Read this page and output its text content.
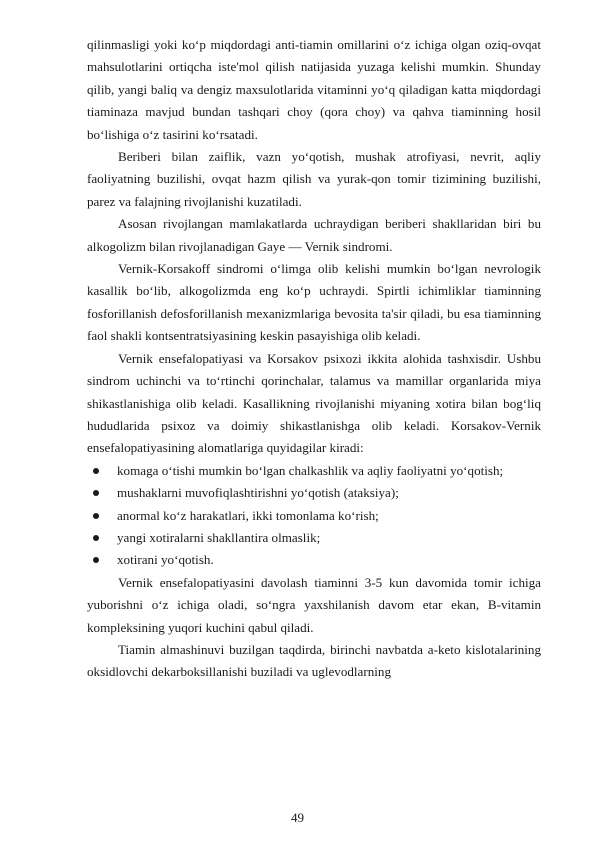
qilinmasligi yoki ko‘p miqdordagi anti-tiamin omillarini o‘z ichiga olgan oziq-ovqat mahsulotlarini ortiqcha iste'mol qilish natijasida yuzaga kelishi mumkin. Shunday qilib, yangi baliq va dengiz maxsulotlarida vitaminni yo‘q qiladigan katta miqdordagi tiaminaza mavjud bundan tashqari choy (qora choy) va qahva tiaminning hosil bo‘lishiga o‘z tasirini ko‘rsatadi.

Beriberi bilan zaiflik, vazn yo‘qotish, mushak atrofiyasi, nevrit, aqliy faoliyatning buzilishi, ovqat hazm qilish va yurak-qon tomir tizimining buzilishi, parez va falajning rivojlanishi kuzatiladi.

Asosan rivojlangan mamlakatlarda uchraydigan beriberi shakllaridan biri bu alkogolizm bilan rivojlanadigan Gaye — Vernik sindromi.

Vernik-Korsakoff sindromi o‘limga olib kelishi mumkin bo‘lgan nevrologik kasallik bo‘lib, alkogolizmda eng ko‘p uchraydi. Spirtli ichimliklar tiaminning fosforillanish defosforillanish mexanizmlariga bevosita ta'sir qiladi, bu esa tiaminning faol shakli kontsentratsiyasining keskin pasayishiga olib keladi.

Vernik ensefalopatiyasi va Korsakov psixozi ikkita alohida tashxisdir. Ushbu sindrom uchinchi va to‘rtinchi qorinchalar, talamus va mamillar organlarida miya shikastlanishiga olib keladi. Kasallikning rivojlanishi miyaning xotira bilan bog‘liq hududlarida psixoz va doimiy shikastlanishga olib keladi. Korsakov-Vernik ensefalopatiyasining alomatlariga quyidagilar kiradi:

komaga o‘tishi mumkin bo‘lgan chalkashlik va aqliy faoliyatni yo‘qotish;
mushaklarni muvofiqlashtirishni yo‘qotish (ataksiya);
anormal ko‘z harakatlari, ikki tomonlama ko‘rish;
yangi xotiralarni shakllantira olmaslik;
xotirani yo‘qotish.

Vernik ensefalopatiyasini davolash tiaminni 3-5 kun davomida tomir ichiga yuborishni o‘z ichiga oladi, so‘ngra yaxshilanish davom etar ekan, B-vitamin kompleksining yuqori kuchini qabul qiladi.

Tiamin almashinuvi buzilgan taqdirda, birinchi navbatda a-keto kislotalarining oksidlovchi dekarboksillanishi buziladi va uglevodlarning

49
